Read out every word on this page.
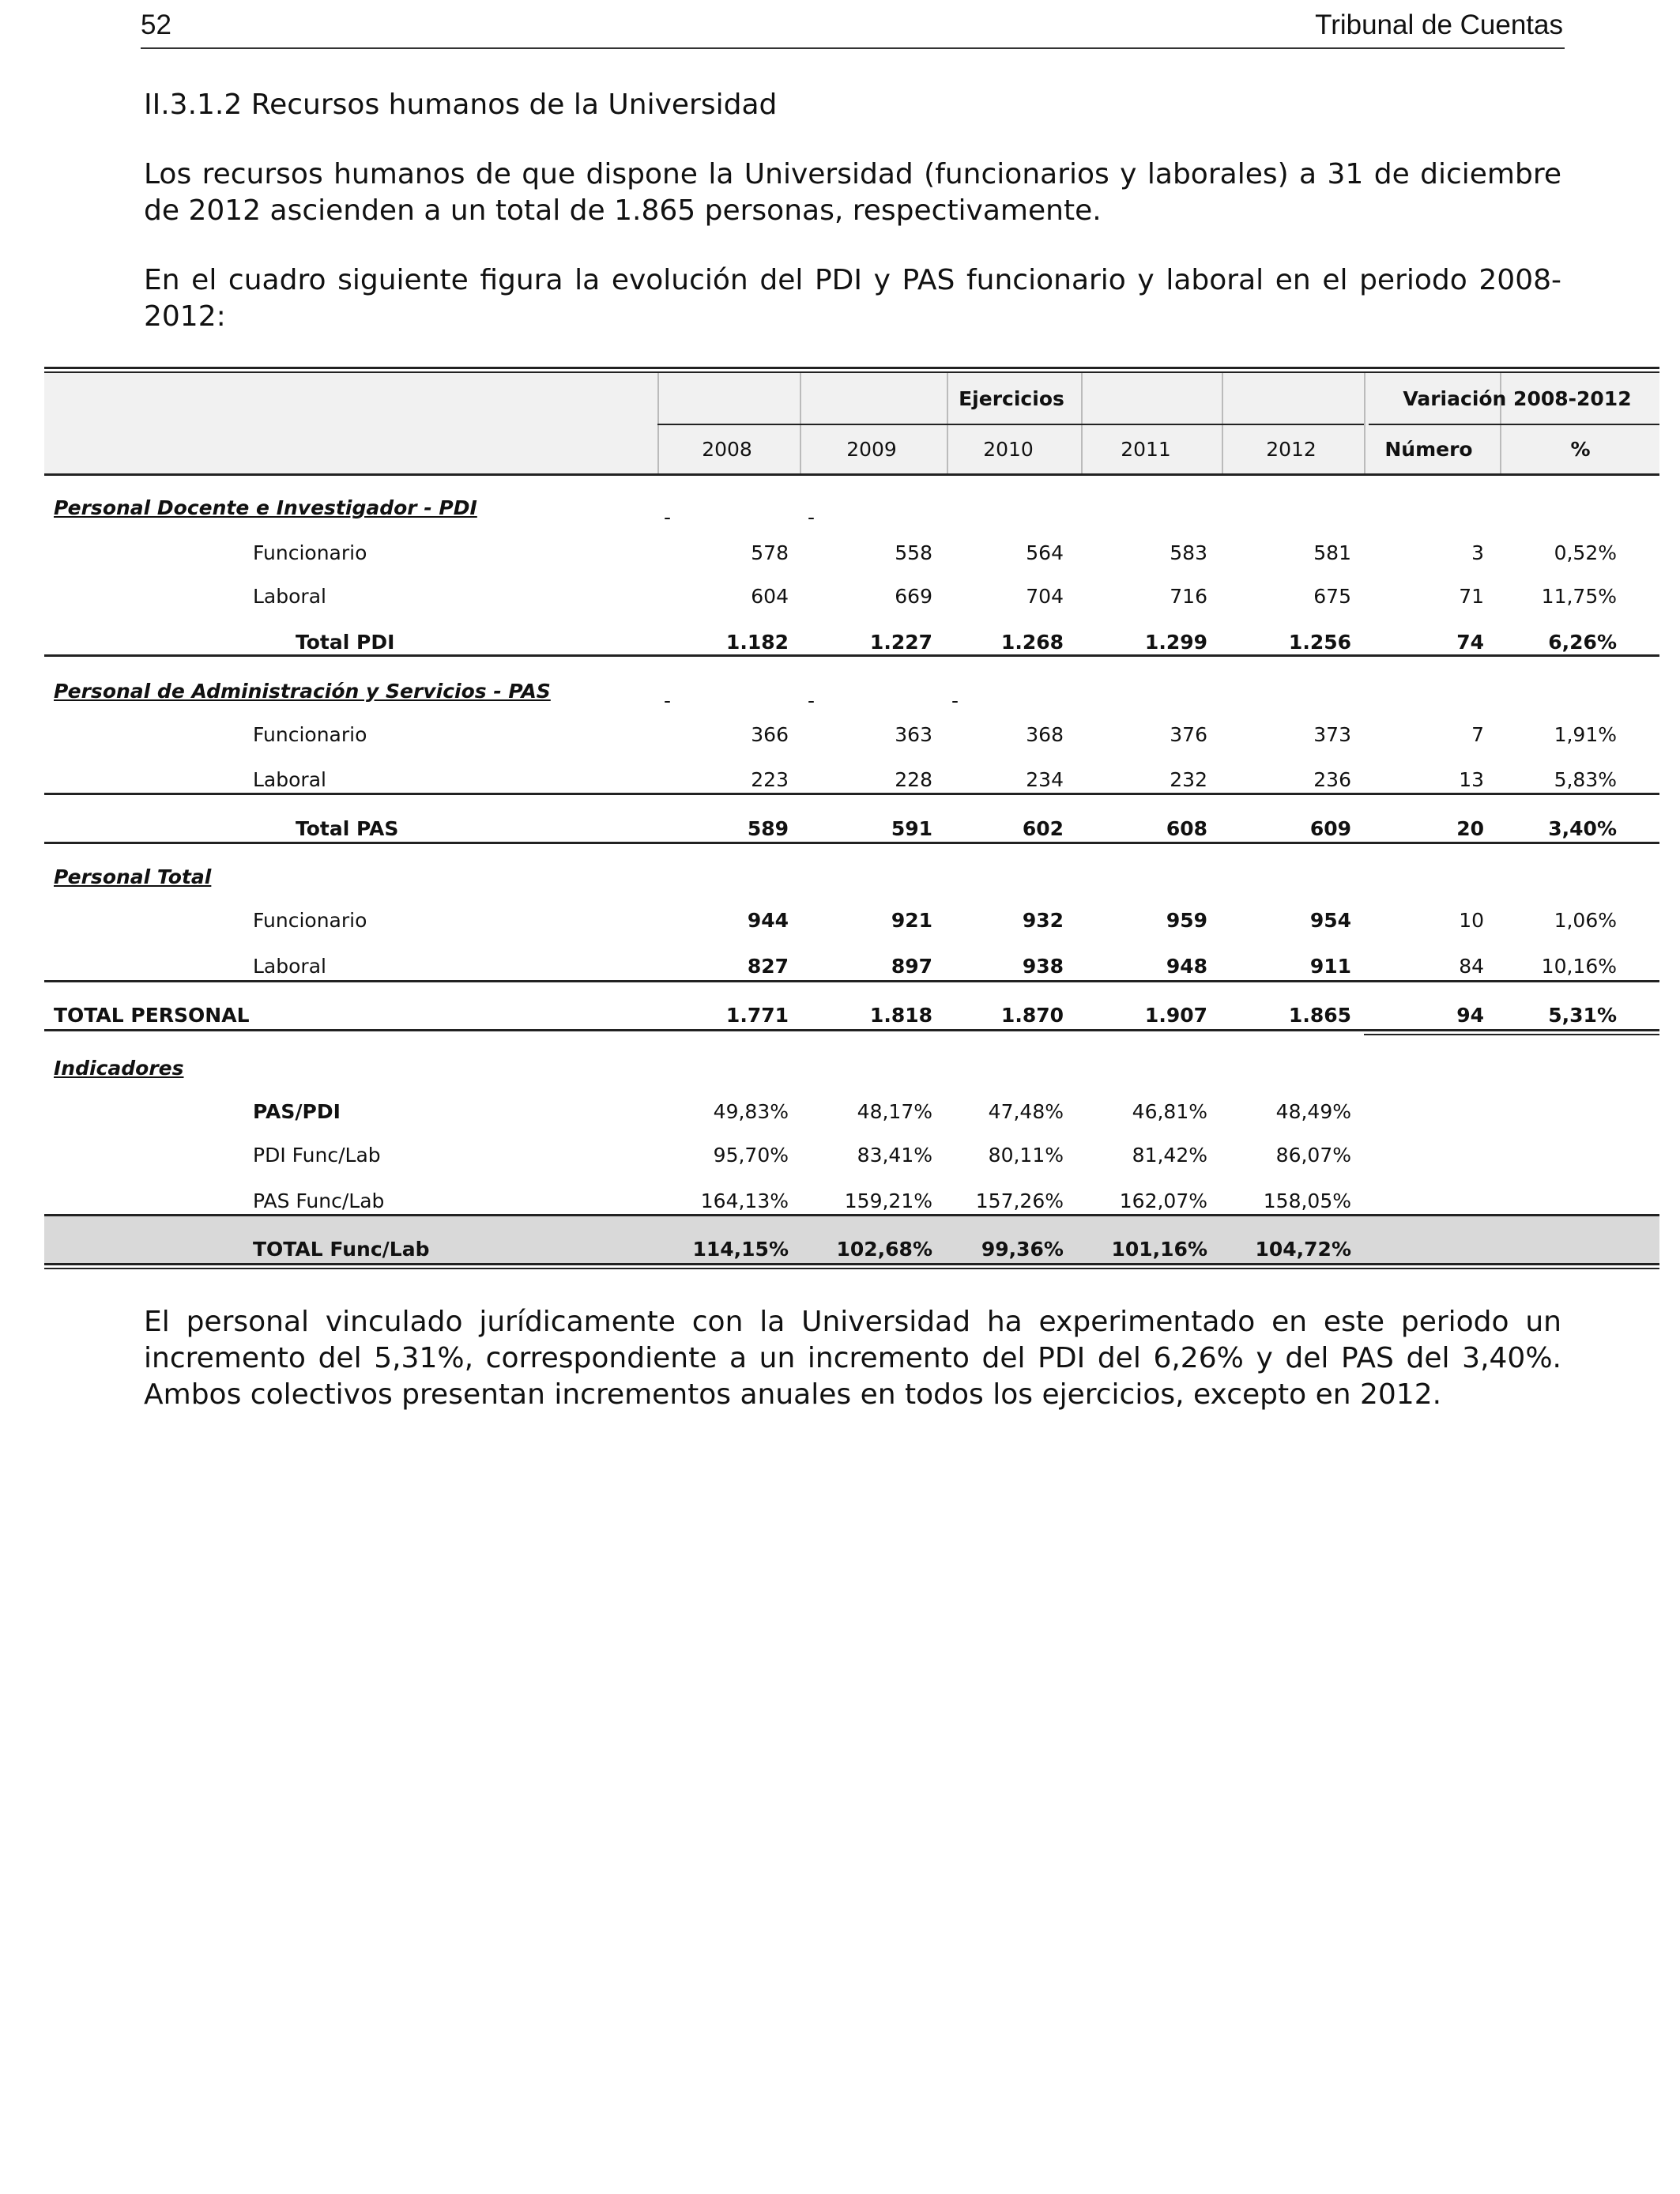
52	Tribunal de Cuentas

II.3.1.2 Recursos humanos de la Universidad

Los recursos humanos de que dispone la Universidad (funcionarios y laborales) a 31 de diciembre de 2012 ascienden a un total de 1.865 personas, respectivamente.

En el cuadro siguiente figura la evolución del PDI y PAS funcionario y laboral en el periodo 2008-2012:

Ejercicios	Variación 2008-2012
2008	2009	2010	2011	2012	Número	%
Personal Docente e Investigador - PDI	-	-
Funcionario	578	558	564	583	581	3	0,52%
Laboral	604	669	704	716	675	71	11,75%
Total PDI	1.182	1.227	1.268	1.299	1.256	74	6,26%
Personal de Administración y Servicios - PAS	-	-	-
Funcionario	366	363	368	376	373	7	1,91%
Laboral	223	228	234	232	236	13	5,83%
Total PAS	589	591	602	608	609	20	3,40%
Personal Total
Funcionario	944	921	932	959	954	10	1,06%
Laboral	827	897	938	948	911	84	10,16%
TOTAL PERSONAL	1.771	1.818	1.870	1.907	1.865	94	5,31%
Indicadores
PAS/PDI	49,83%	48,17%	47,48%	46,81%	48,49%
PDI Func/Lab	95,70%	83,41%	80,11%	81,42%	86,07%
PAS Func/Lab	164,13%	159,21%	157,26%	162,07%	158,05%
TOTAL Func/Lab	114,15%	102,68%	99,36%	101,16%	104,72%

El personal vinculado jurídicamente con la Universidad ha experimentado en este periodo un incremento del 5,31%, correspondiente a un incremento del PDI del 6,26% y del PAS del 3,40%. Ambos colectivos presentan incrementos anuales en todos los ejercicios, excepto en 2012.
